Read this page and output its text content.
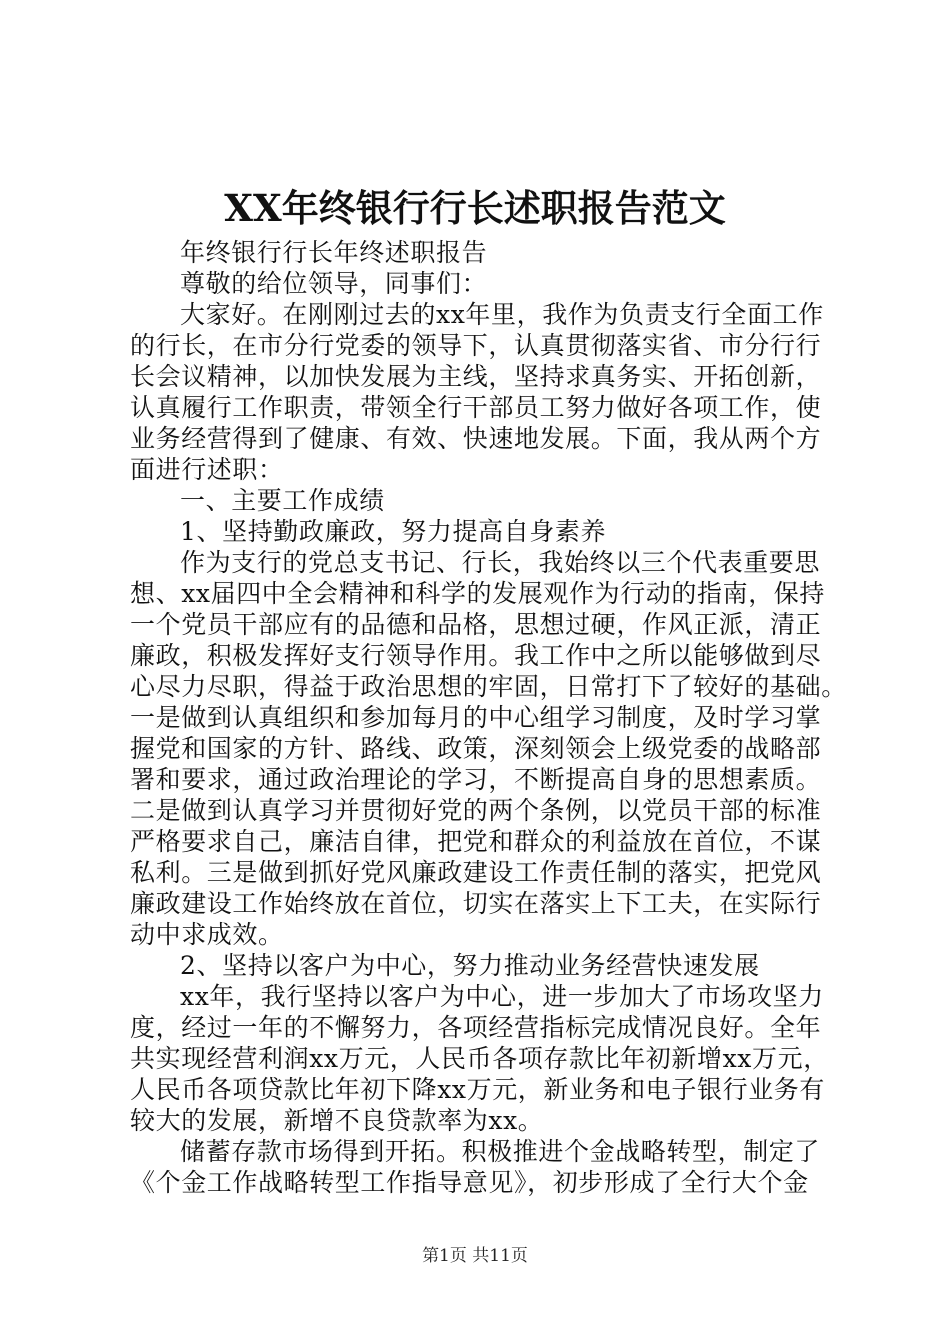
XX年终银行行长述职报告范文
年终银行行长年终述职报告
尊敬的给位领导，同事们：
大家好。在刚刚过去的xx年里，我作为负责支行全面工作
的行长，在市分行党委的领导下，认真贯彻落实省、市分行行
长会议精神，以加快发展为主线，坚持求真务实、开拓创新，
认真履行工作职责，带领全行干部员工努力做好各项工作，使
业务经营得到了健康、有效、快速地发展。下面，我从两个方
面进行述职：
一、主要工作成绩
1、坚持勤政廉政，努力提高自身素养
作为支行的党总支书记、行长，我始终以三个代表重要思
想、xx届四中全会精神和科学的发展观作为行动的指南，保持
一个党员干部应有的品德和品格，思想过硬，作风正派，清正
廉政，积极发挥好支行领导作用。我工作中之所以能够做到尽
心尽力尽职，得益于政治思想的牢固，日常打下了较好的基础。
一是做到认真组织和参加每月的中心组学习制度，及时学习掌
握党和国家的方针、路线、政策，深刻领会上级党委的战略部
署和要求，通过政治理论的学习，不断提高自身的思想素质。
二是做到认真学习并贯彻好党的两个条例，以党员干部的标准
严格要求自己，廉洁自律，把党和群众的利益放在首位，不谋
私利。三是做到抓好党风廉政建设工作责任制的落实，把党风
廉政建设工作始终放在首位，切实在落实上下工夫，在实际行
动中求成效。
2、坚持以客户为中心，努力推动业务经营快速发展
xx年，我行坚持以客户为中心，进一步加大了市场攻坚力
度，经过一年的不懈努力，各项经营指标完成情况良好。全年
共实现经营利润xx万元，人民币各项存款比年初新增xx万元，
人民币各项贷款比年初下降xx万元，新业务和电子银行业务有
较大的发展，新增不良贷款率为xx。
储蓄存款市场得到开拓。积极推进个金战略转型，制定了
《个金工作战略转型工作指导意见》，初步形成了全行大个金
第1页 共11页
